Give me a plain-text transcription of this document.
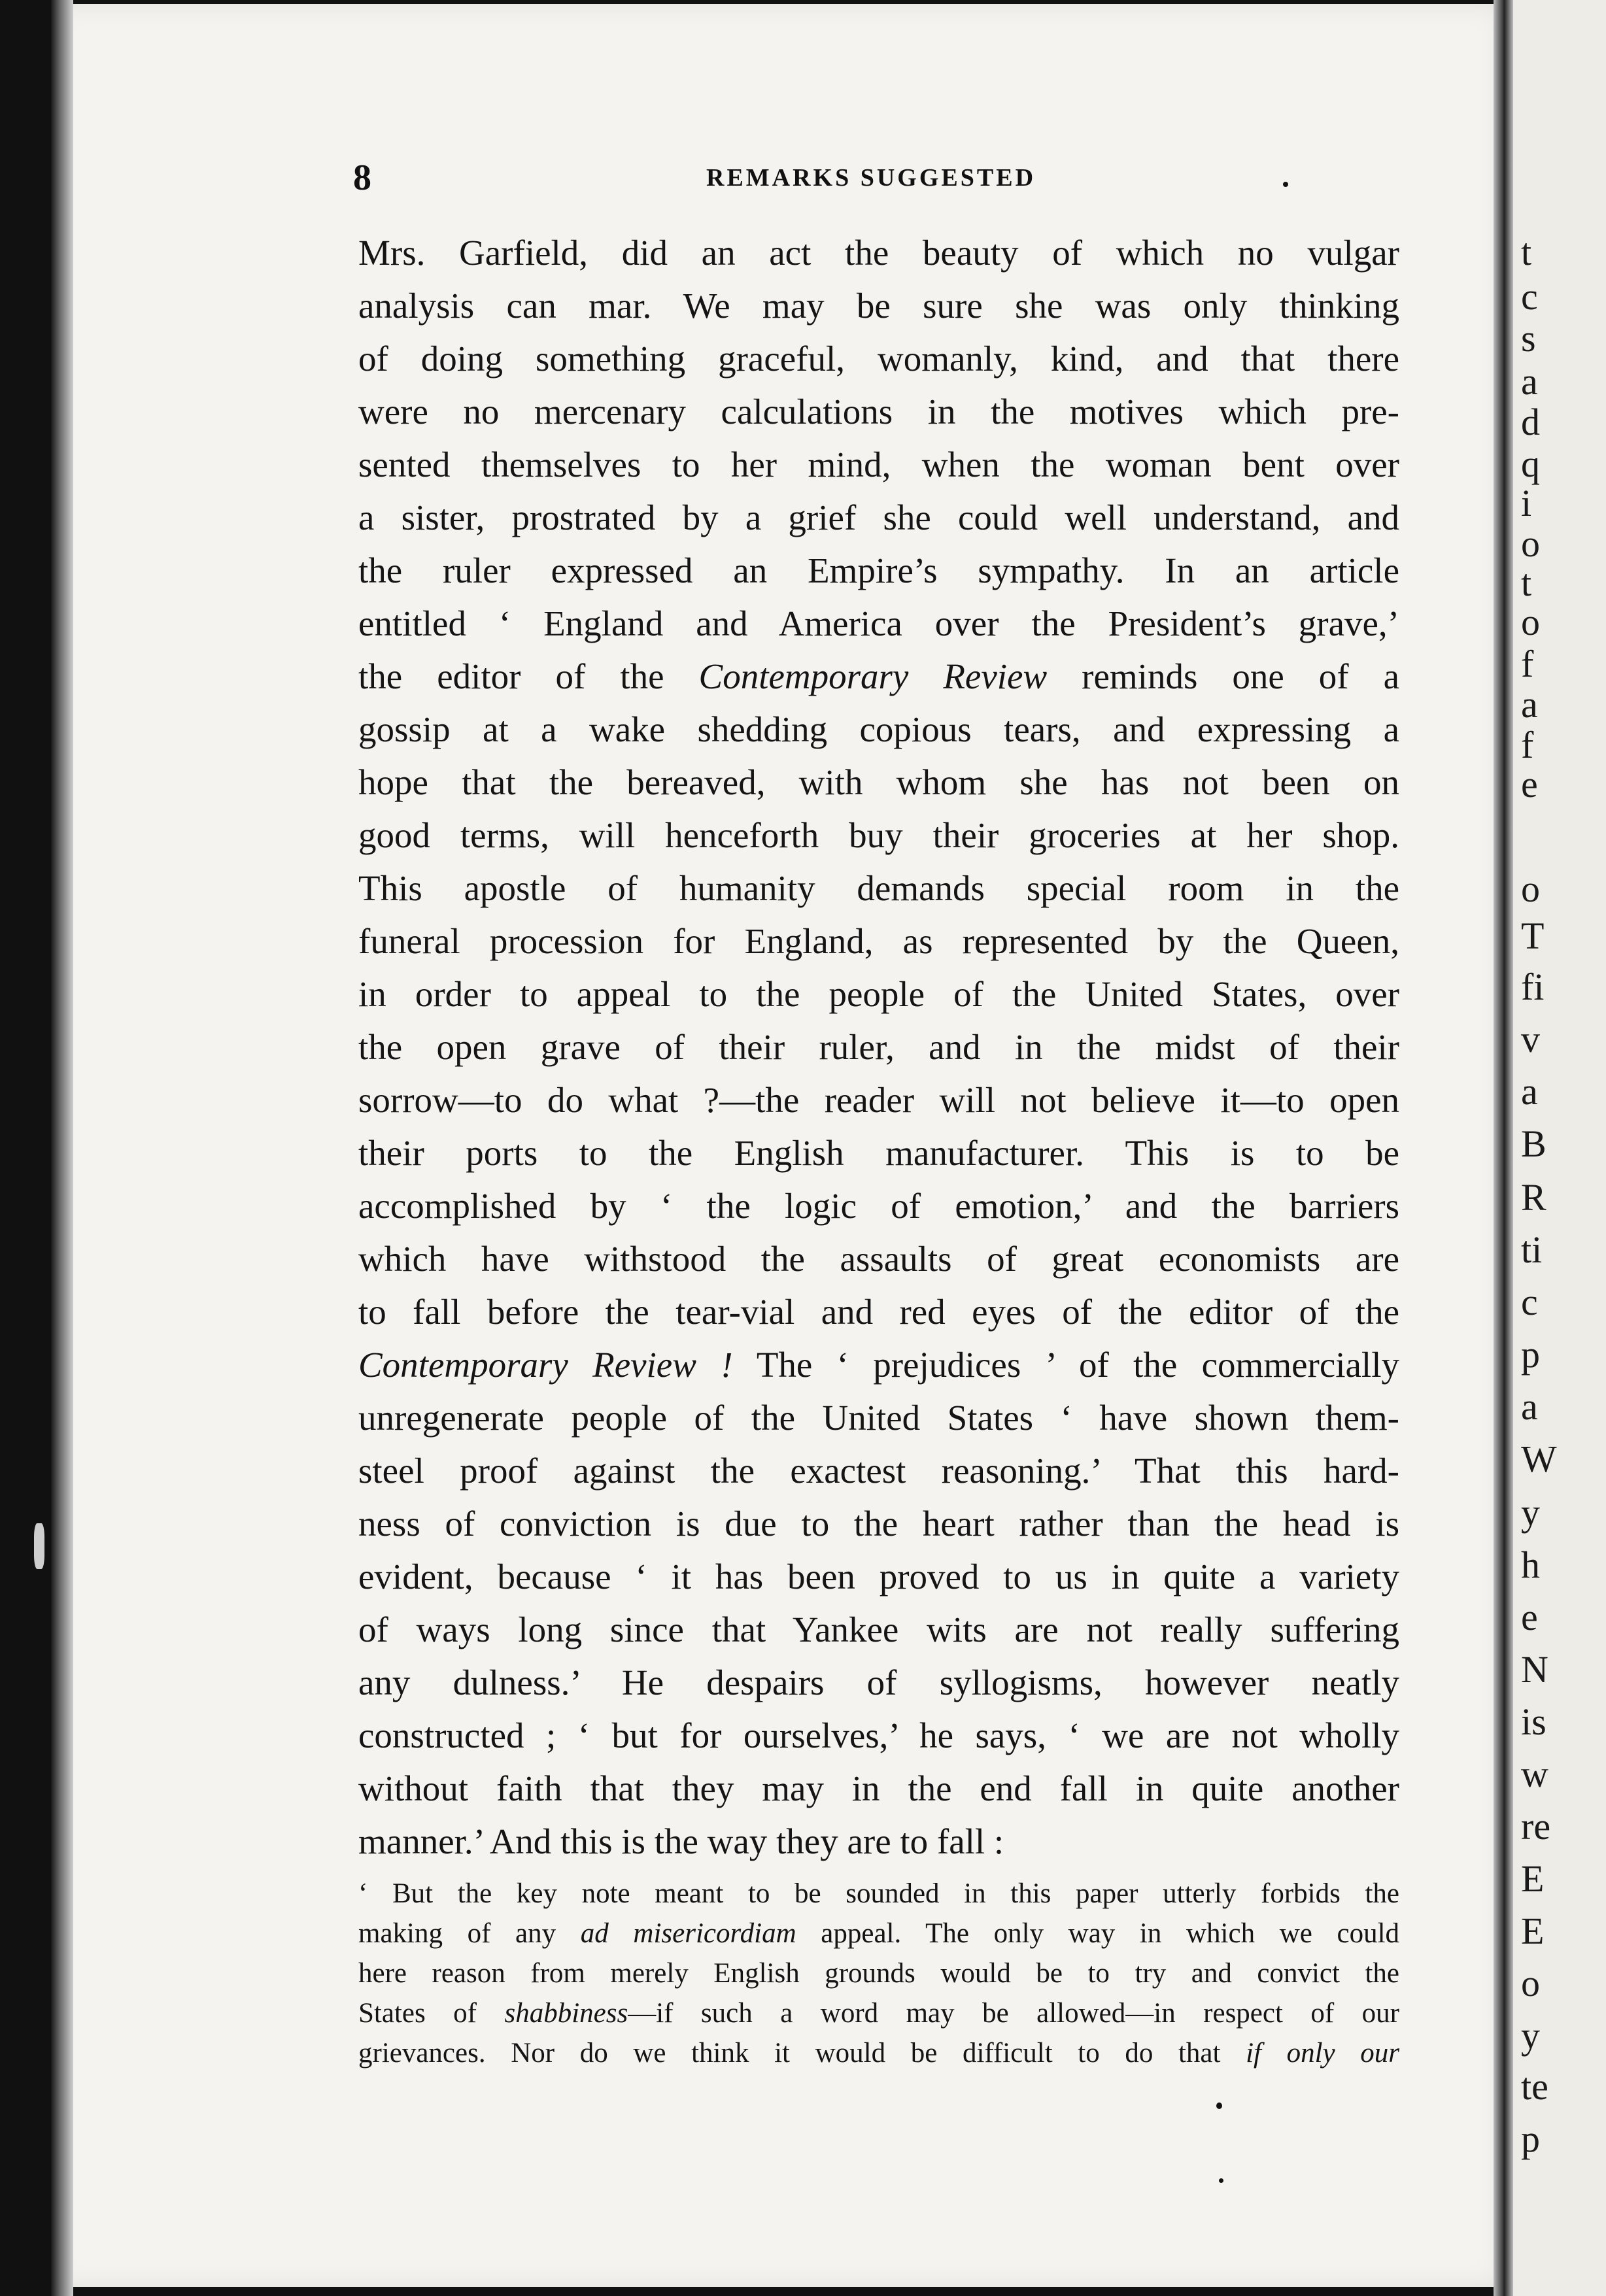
8	REMARKS SUGGESTED
Mrs. Garfield, did an act the beauty of which no vulgar
analysis can mar. We may be sure she was only thinking
of doing something graceful, womanly, kind, and that there
were no mercenary calculations in the motives which pre-
sented themselves to her mind, when the woman bent over
a sister, prostrated by a grief she could well understand, and
the ruler expressed an Empire’s sympathy. In an article
entitled ‘ England and America over the President’s grave,’
the editor of the Contemporary Review reminds one of a
gossip at a wake shedding copious tears, and expressing a
hope that the bereaved, with whom she has not been on
good terms, will henceforth buy their groceries at her shop.
This apostle of humanity demands special room in the
funeral procession for England, as represented by the Queen,
in order to appeal to the people of the United States, over
the open grave of their ruler, and in the midst of their
sorrow—to do what ?—the reader will not believe it—to open
their ports to the English manufacturer. This is to be
accomplished by ‘ the logic of emotion,’ and the barriers
which have withstood the assaults of great economists are
to fall before the tear-vial and red eyes of the editor of the
Contemporary Review ! The ‘ prejudices ’ of the commercially
unregenerate people of the United States ‘ have shown them-
steel proof against the exactest reasoning.’ That this hard-
ness of conviction is due to the heart rather than the head is
evident, because ‘ it has been proved to us in quite a variety
of ways long since that Yankee wits are not really suffering
any dulness.’ He despairs of syllogisms, however neatly
constructed ; ‘ but for ourselves,’ he says, ‘ we are not wholly
without faith that they may in the end fall in quite another
manner.’ And this is the way they are to fall :
‘ But the key note meant to be sounded in this paper utterly forbids the
making of any ad misericordiam appeal. The only way in which we could
here reason from merely English grounds would be to try and convict the
States of shabbiness—if such a word may be allowed—in respect of our
grievances. Nor do we think it would be difficult to do that if only our
t
c
s
a
d
q
i
o
t
o
f
a
f
e
o
T
fi
v
a
B
R
ti
c
p
a
W
y
h
e
N
is
w
re
E
E
o
y
te
p
